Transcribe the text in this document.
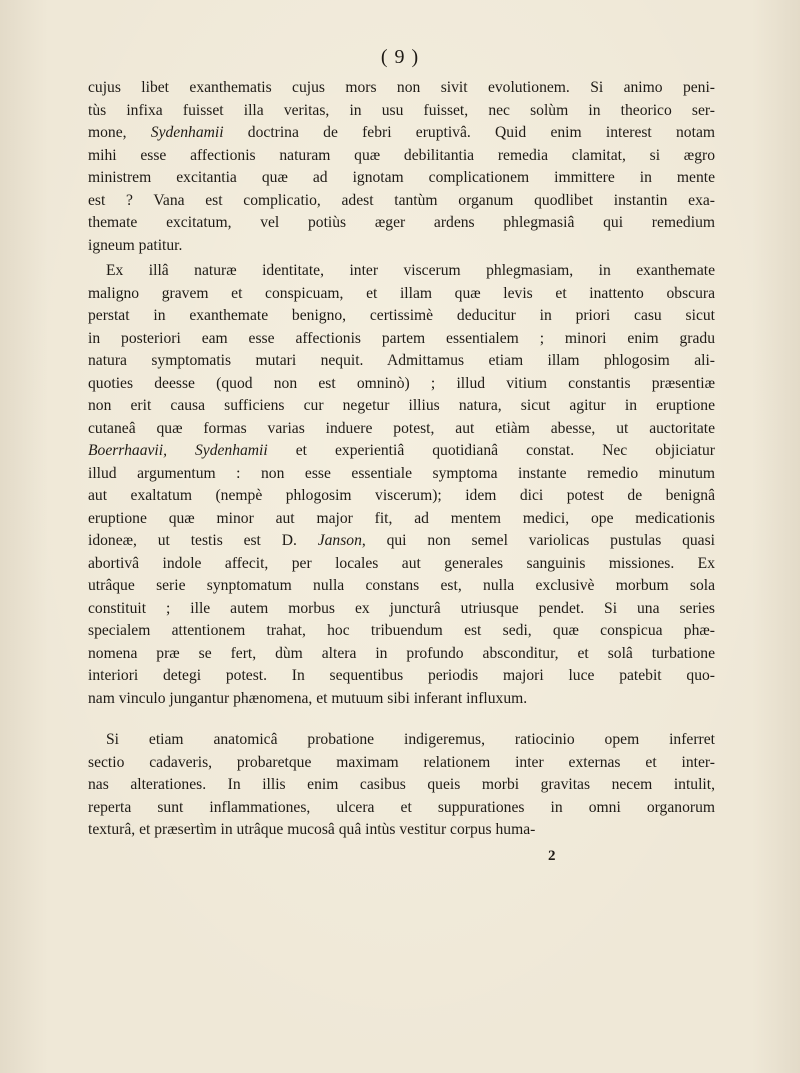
( 9 )
cujus libet exanthematis cujus mors non sivit evolutionem. Si animo peni-
tùs infixa fuisset illa veritas, in usu fuisset, nec solùm in theorico ser-
mone, Sydenhamii doctrina de febri eruptivâ. Quid enim interest notam
mihi esse affectionis naturam quæ debilitantia remedia clamitat, si ægro
ministrem excitantia quæ ad ignotam complicationem immittere in mente
est ? Vana est complicatio, adest tantùm organum quodlibet instantin exa-
themate excitatum, vel potiùs æger ardens phlegmasiâ qui remedium
igneum patitur.
Ex illâ naturæ identitate, inter viscerum phlegmasiam, in exanthemate
maligno gravem et conspicuam, et illam quæ levis et inattento obscura
perstat in exanthemate benigno, certissimè deducitur in priori casu sicut
in posteriori eam esse affectionis partem essentialem ; minori enim gradu
natura symptomatis mutari nequit. Admittamus etiam illam phlogosim ali-
quoties deesse (quod non est omninò) ; illud vitium constantis præsentiæ
non erit causa sufficiens cur negetur illius natura, sicut agitur in eruptione
cutaneâ quæ formas varias induere potest, aut etiàm abesse, ut auctoritate
Boerrhaavii, Sydenhamii et experientiâ quotidianâ constat. Nec objiciatur
illud argumentum : non esse essentiale symptoma instante remedio minutum
aut exaltatum (nempè phlogosim viscerum); idem dici potest de benignâ
eruptione quæ minor aut major fit, ad mentem medici, ope medicationis
idoneæ, ut testis est D. Janson, qui non semel variolicas pustulas quasi
abortivâ indole affecit, per locales aut generales sanguinis missiones. Ex
utrâque serie synptomatum nulla constans est, nulla exclusivè morbum sola
constituit ; ille autem morbus ex juncturâ utriusque pendet. Si una series
specialem attentionem trahat, hoc tribuendum est sedi, quæ conspicua phæ-
nomena præ se fert, dùm altera in profundo absconditur, et solâ turbatione
interiori detegi potest. In sequentibus periodis majori luce patebit quo-
nam vinculo jungantur phænomena, et mutuum sibi inferant influxum.
Si etiam anatomicâ probatione indigeremus, ratiocinio opem inferret
sectio cadaveris, probaretque maximam relationem inter externas et inter-
nas alterationes. In illis enim casibus queis morbi gravitas necem intulit,
reperta sunt inflammationes, ulcera et suppurationes in omni organorum
texturâ, et præsertìm in utrâque mucosâ quâ intùs vestitur corpus huma-
2
